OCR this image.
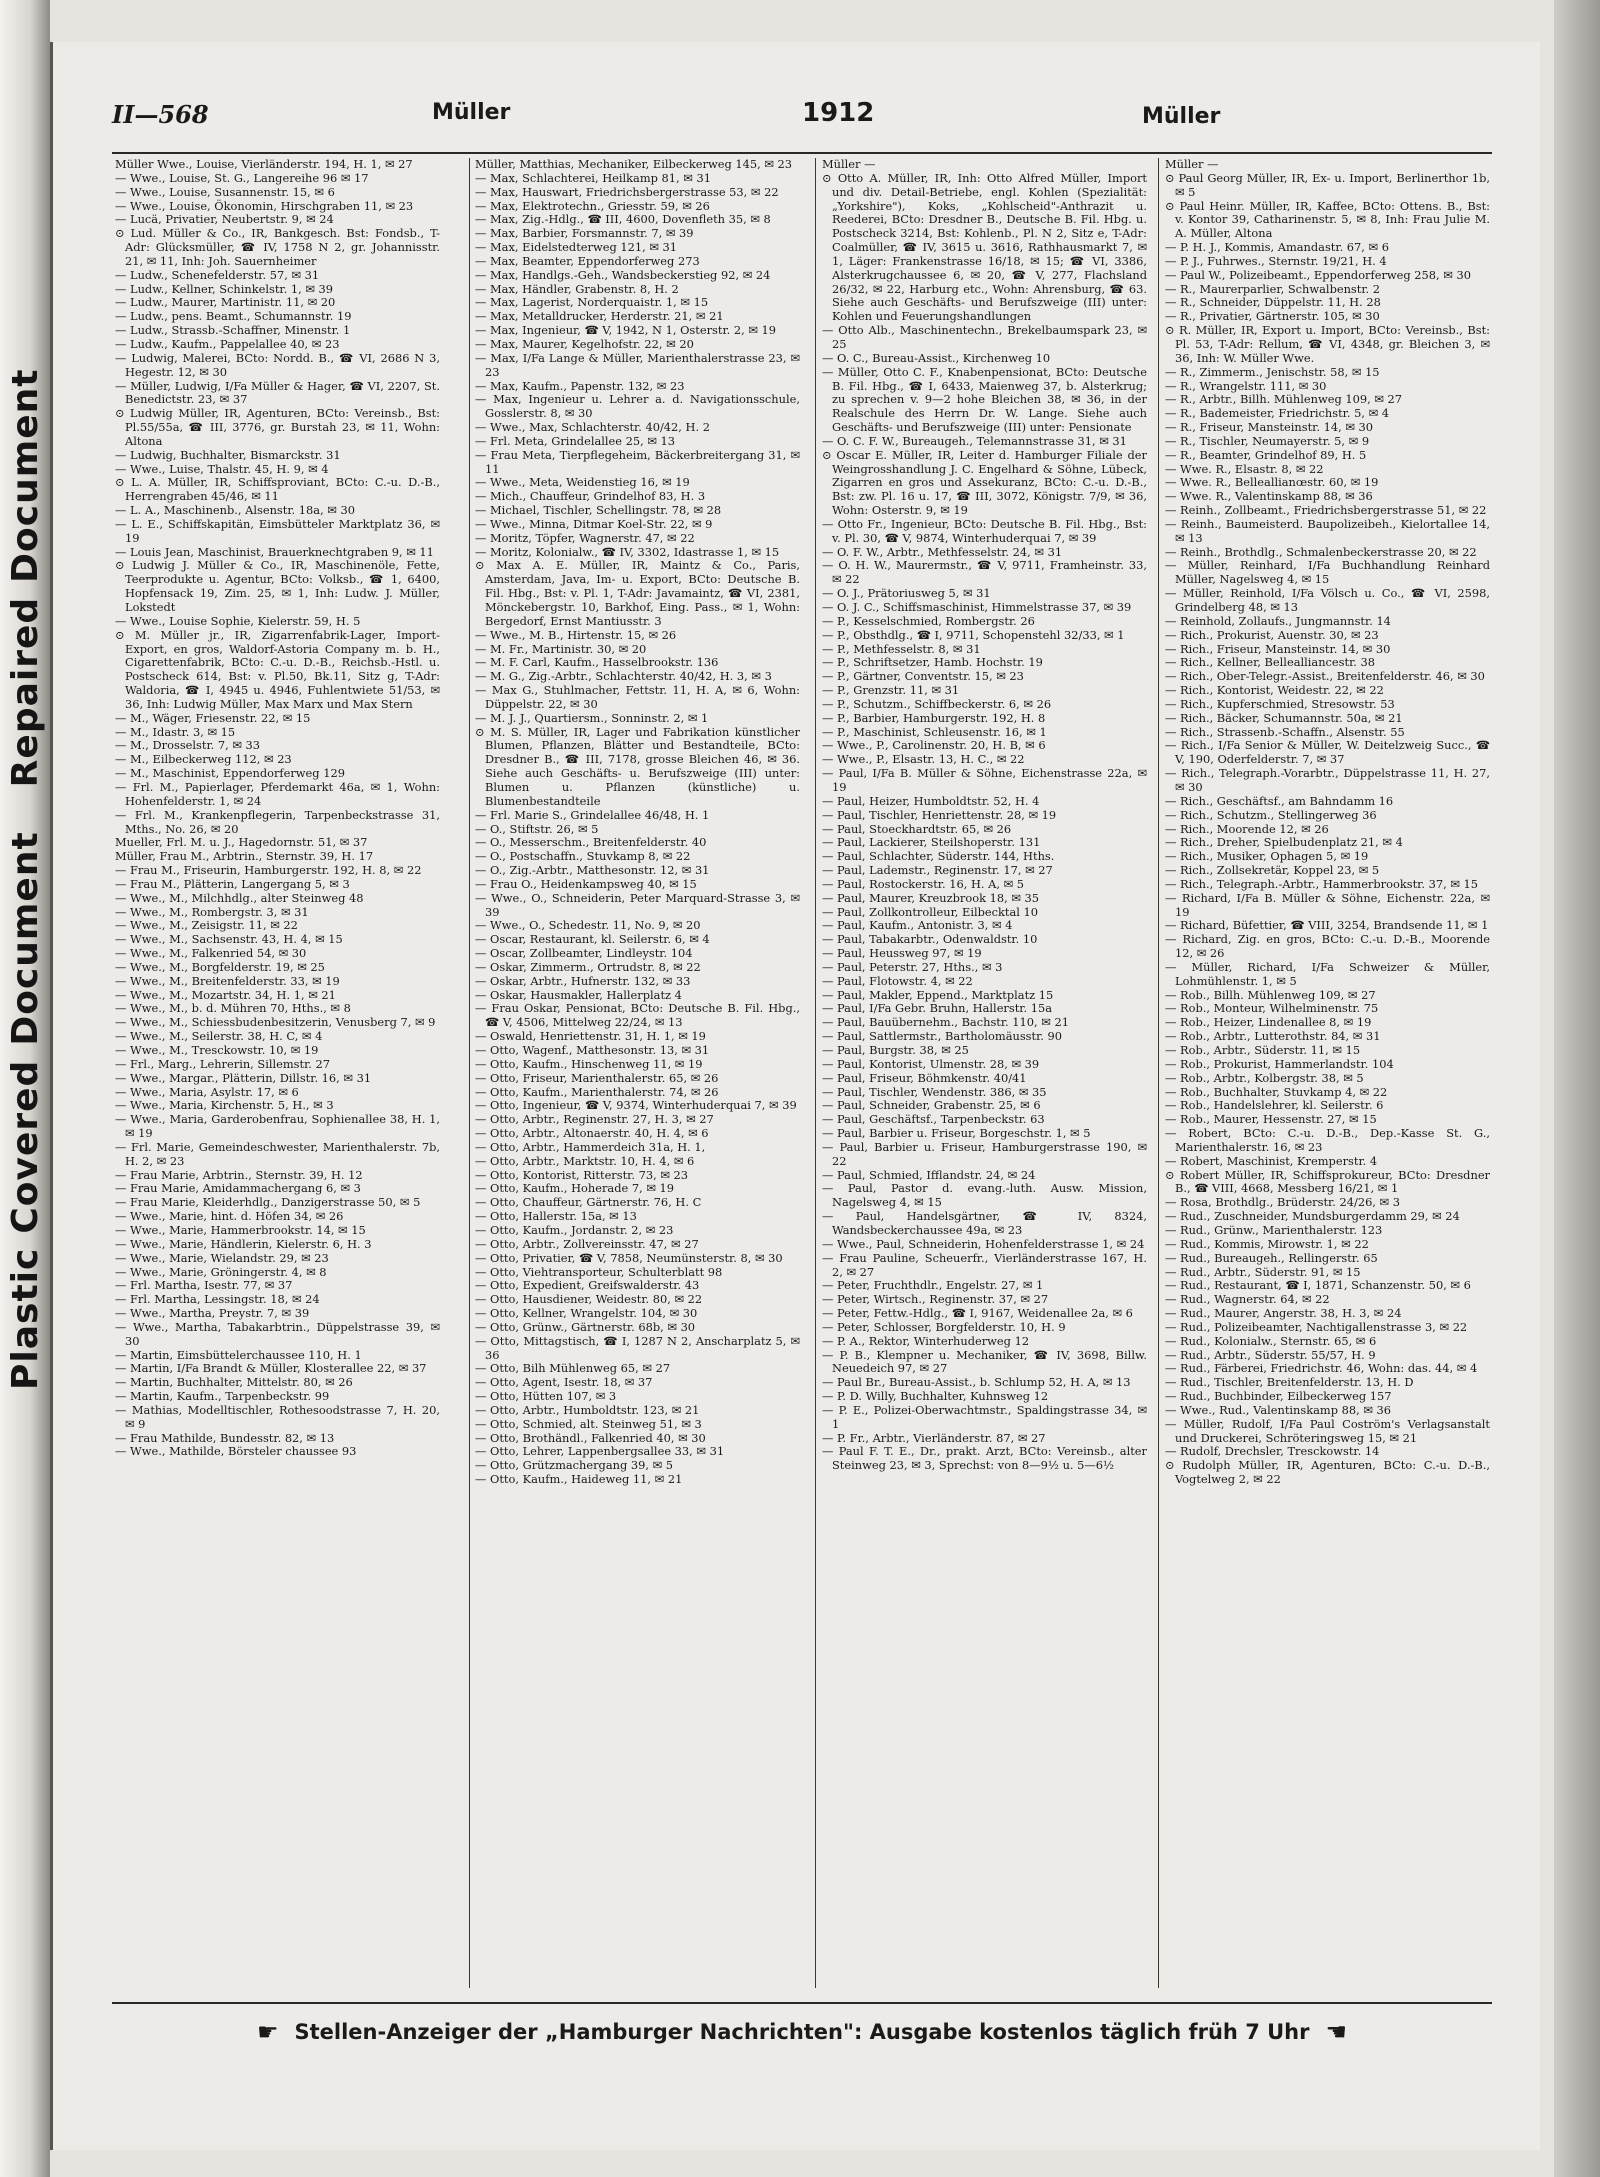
PlasticCoveredDocumentRepairedDocument
II—568	Müller	1912	Müller

Müller Wwe., Louise, Vierländerstr. 194, H. 1, ✉ 27

— Wwe., Louise, St. G., Langereihe 96 ✉ 17

— Wwe., Louise, Susannenstr. 15, ✉ 6

— Wwe., Louise, Ökonomin, Hirschgraben 11, ✉ 23

— Lucä, Privatier, Neubertstr. 9, ✉ 24

⊙ Lud. Müller & Co., IR, Bankgesch. Bst: Fondsb., T-Adr: Glücksmüller, ☎ IV, 1758 N 2, gr. Johannisstr. 21, ✉ 11, Inh: Joh. Sauernheimer

— Ludw., Schenefelderstr. 57, ✉ 31

— Ludw., Kellner, Schinkelstr. 1, ✉ 39

— Ludw., Maurer, Martinistr. 11, ✉ 20

— Ludw., pens. Beamt., Schumannstr. 19

— Ludw., Strassb.-Schaffner, Minenstr. 1

— Ludw., Kaufm., Pappelallee 40, ✉ 23

— Ludwig, Malerei, BCto: Nordd. B., ☎ VI, 2686 N 3, Hegestr. 12, ✉ 30

— Müller, Ludwig, I/Fa Müller & Hager, ☎ VI, 2207, St. Benedictstr. 23, ✉ 37

⊙ Ludwig Müller, IR, Agenturen, BCto: Vereinsb., Bst: Pl.55/55a, ☎ III, 3776, gr. Burstah 23, ✉ 11, Wohn: Altona

— Ludwig, Buchhalter, Bismarckstr. 31

— Wwe., Luise, Thalstr. 45, H. 9, ✉ 4

⊙ L. A. Müller, IR, Schiffsproviant, BCto: C.-u. D.-B., Herrengraben 45/46, ✉ 11

— L. A., Maschinenb., Alsenstr. 18a, ✉ 30

— L. E., Schiffskapitän, Eimsbütteler Marktplatz 36, ✉ 19

— Louis Jean, Maschinist, Brauerknechtgraben 9, ✉ 11

⊙ Ludwig J. Müller & Co., IR, Maschinenöle, Fette, Teerprodukte u. Agentur, BCto: Volksb., ☎ 1, 6400, Hopfensack 19, Zim. 25, ✉ 1, Inh: Ludw. J. Müller, Lokstedt

— Wwe., Louise Sophie, Kielerstr. 59, H. 5

⊙ M. Müller jr., IR, Zigarrenfabrik-Lager, Import-Export, en gros, Waldorf-Astoria Company m. b. H., Cigarettenfabrik, BCto: C.-u. D.-B., Reichsb.-Hstl. u. Postscheck 614, Bst: v. Pl.50, Bk.11, Sitz g, T-Adr: Waldoria, ☎ I, 4945 u. 4946, Fuhlentwiete 51/53, ✉ 36, Inh: Ludwig Müller, Max Marx und Max Stern

— M., Wäger, Friesenstr. 22, ✉ 15

— M., Idastr. 3, ✉ 15

— M., Drosselstr. 7, ✉ 33

— M., Eilbeckerweg 112, ✉ 23

— M., Maschinist, Eppendorferweg 129

— Frl. M., Papierlager, Pferdemarkt 46a, ✉ 1, Wohn: Hohenfelderstr. 1, ✉ 24

— Frl. M., Krankenpflegerin, Tarpenbeckstrasse 31, Mths., No. 26, ✉ 20

Mueller, Frl. M. u. J., Hagedornstr. 51, ✉ 37

Müller, Frau M., Arbtrin., Sternstr. 39, H. 17

— Frau M., Friseurin, Hamburgerstr. 192, H. 8, ✉ 22

— Frau M., Plätterin, Langergang 5, ✉ 3

— Wwe., M., Milchhdlg., alter Steinweg 48

— Wwe., M., Rombergstr. 3, ✉ 31

— Wwe., M., Zeisigstr. 11, ✉ 22

— Wwe., M., Sachsenstr. 43, H. 4, ✉ 15

— Wwe., M., Falkenried 54, ✉ 30

— Wwe., M., Borgfelderstr. 19, ✉ 25

— Wwe., M., Breitenfelderstr. 33, ✉ 19

— Wwe., M., Mozartstr. 34, H. 1, ✉ 21

— Wwe., M., b. d. Mühren 70, Hths., ✉ 8

— Wwe., M., Schiessbudenbesitzerin, Venusberg 7, ✉ 9

— Wwe., M., Seilerstr. 38, H. C, ✉ 4

— Wwe., M., Tresckowstr. 10, ✉ 19

— Frl., Marg., Lehrerin, Sillemstr. 27

— Wwe., Margar., Plätterin, Dillstr. 16, ✉ 31

— Wwe., Maria, Asylstr. 17, ✉ 6

— Wwe., Maria, Kirchenstr. 5, H., ✉ 3

— Wwe., Maria, Garderobenfrau, Sophienallee 38, H. 1, ✉ 19

— Frl. Marie, Gemeindeschwester, Marienthalerstr. 7b, H. 2, ✉ 23

— Frau Marie, Arbtrin., Sternstr. 39, H. 12

— Frau Marie, Amidammachergang 6, ✉ 3

— Frau Marie, Kleiderhdlg., Danzigerstrasse 50, ✉ 5

— Wwe., Marie, hint. d. Höfen 34, ✉ 26

— Wwe., Marie, Hammerbrookstr. 14, ✉ 15

— Wwe., Marie, Händlerin, Kielerstr. 6, H. 3

— Wwe., Marie, Wielandstr. 29, ✉ 23

— Wwe., Marie, Gröningerstr. 4, ✉ 8

— Frl. Martha, Isestr. 77, ✉ 37

— Frl. Martha, Lessingstr. 18, ✉ 24

— Wwe., Martha, Preystr. 7, ✉ 39

— Wwe., Martha, Tabakarbtrin., Düppelstrasse 39, ✉ 30

— Martin, Eimsbüttelerchaussee 110, H. 1

— Martin, I/Fa Brandt & Müller, Klosterallee 22, ✉ 37

— Martin, Buchhalter, Mittelstr. 80, ✉ 26

— Martin, Kaufm., Tarpenbeckstr. 99

— Mathias, Modelltischler, Rothesoodstrasse 7, H. 20, ✉ 9

— Frau Mathilde, Bundesstr. 82, ✉ 13

— Wwe., Mathilde, Börsteler chaussee 93

Müller, Matthias, Mechaniker, Eilbeckerweg 145, ✉ 23

— Max, Schlachterei, Heilkamp 81, ✉ 31

— Max, Hauswart, Friedrichsbergerstrasse 53, ✉ 22

— Max, Elektrotechn., Griesstr. 59, ✉ 26

— Max, Zig.-Hdlg., ☎ III, 4600, Dovenfleth 35, ✉ 8

— Max, Barbier, Forsmannstr. 7, ✉ 39

— Max, Eidelstedterweg 121, ✉ 31

— Max, Beamter, Eppendorferweg 273

— Max, Handlgs.-Geh., Wandsbeckerstieg 92, ✉ 24

— Max, Händler, Grabenstr. 8, H. 2

— Max, Lagerist, Norderquaistr. 1, ✉ 15

— Max, Metalldrucker, Herderstr. 21, ✉ 21

— Max, Ingenieur, ☎ V, 1942, N 1, Osterstr. 2, ✉ 19

— Max, Maurer, Kegelhofstr. 22, ✉ 20

— Max, I/Fa Lange & Müller, Marienthalerstrasse 23, ✉ 23

— Max, Kaufm., Papenstr. 132, ✉ 23

— Max, Ingenieur u. Lehrer a. d. Navigationsschule, Gosslerstr. 8, ✉ 30

— Wwe., Max, Schlachterstr. 40/42, H. 2

— Frl. Meta, Grindelallee 25, ✉ 13

— Frau Meta, Tierpflegeheim, Bäckerbreitergang 31, ✉ 11

— Wwe., Meta, Weidenstieg 16, ✉ 19

— Mich., Chauffeur, Grindelhof 83, H. 3

— Michael, Tischler, Schellingstr. 78, ✉ 28

— Wwe., Minna, Ditmar Koel-Str. 22, ✉ 9

— Moritz, Töpfer, Wagnerstr. 47, ✉ 22

— Moritz, Kolonialw., ☎ IV, 3302, Idastrasse 1, ✉ 15

⊙ Max A. E. Müller, IR, Maintz & Co., Paris, Amsterdam, Java, Im- u. Export, BCto: Deutsche B. Fil. Hbg., Bst: v. Pl. 1, T-Adr: Javamaintz, ☎ VI, 2381, Mönckebergstr. 10, Barkhof, Eing. Pass., ✉ 1, Wohn: Bergedorf, Ernst Mantiusstr. 3

— Wwe., M. B., Hirtenstr. 15, ✉ 26

— M. Fr., Martinistr. 30, ✉ 20

— M. F. Carl, Kaufm., Hasselbrookstr. 136

— M. G., Zig.-Arbtr., Schlachterstr. 40/42, H. 3, ✉ 3

— Max G., Stuhlmacher, Fettstr. 11, H. A, ✉ 6, Wohn: Düppelstr. 22, ✉ 30

— M. J. J., Quartiersm., Sonninstr. 2, ✉ 1

⊙ M. S. Müller, IR, Lager und Fabrikation künstlicher Blumen, Pflanzen, Blätter und Bestandteile, BCto: Dresdner B., ☎ III, 7178, grosse Bleichen 46, ✉ 36. Siehe auch Geschäfts- u. Berufszweige (III) unter: Blumen u. Pflanzen (künstliche) u. Blumenbestandteile

— Frl. Marie S., Grindelallee 46/48, H. 1

— O., Stiftstr. 26, ✉ 5

— O., Messerschm., Breitenfelderstr. 40

— O., Postschaffn., Stuvkamp 8, ✉ 22

— O., Zig.-Arbtr., Matthesonstr. 12, ✉ 31

— Frau O., Heidenkampsweg 40, ✉ 15

— Wwe., O., Schneiderin, Peter Marquard-Strasse 3, ✉ 39

— Wwe., O., Schedestr. 11, No. 9, ✉ 20

— Oscar, Restaurant, kl. Seilerstr. 6, ✉ 4

— Oscar, Zollbeamter, Lindleystr. 104

— Oskar, Zimmerm., Ortrudstr. 8, ✉ 22

— Oskar, Arbtr., Hufnerstr. 132, ✉ 33

— Oskar, Hausmakler, Hallerplatz 4

— Frau Oskar, Pensionat, BCto: Deutsche B. Fil. Hbg., ☎ V, 4506, Mittelweg 22/24, ✉ 13

— Oswald, Henriettenstr. 31, H. 1, ✉ 19

— Otto, Wagenf., Matthesonstr. 13, ✉ 31

— Otto, Kaufm., Hinschenweg 11, ✉ 19

— Otto, Friseur, Marienthalerstr. 65, ✉ 26

— Otto, Kaufm., Marienthalerstr. 74, ✉ 26

— Otto, Ingenieur, ☎ V, 9374, Winterhuderquai 7, ✉ 39

— Otto, Arbtr., Reginenstr. 27, H. 3, ✉ 27

— Otto, Arbtr., Altonaerstr. 40, H. 4, ✉ 6

— Otto, Arbtr., Hammerdeich 31a, H. 1,

— Otto, Arbtr., Marktstr. 10, H. 4, ✉ 6

— Otto, Kontorist, Ritterstr. 73, ✉ 23

— Otto, Kaufm., Hoherade 7, ✉ 19

— Otto, Chauffeur, Gärtnerstr. 76, H. C

— Otto, Hallerstr. 15a, ✉ 13

— Otto, Kaufm., Jordanstr. 2, ✉ 23

— Otto, Arbtr., Zollvereinsstr. 47, ✉ 27

— Otto, Privatier, ☎ V, 7858, Neumünsterstr. 8, ✉ 30

— Otto, Viehtransporteur, Schulterblatt 98

— Otto, Expedient, Greifswalderstr. 43

— Otto, Hausdiener, Weidestr. 80, ✉ 22

— Otto, Kellner, Wrangelstr. 104, ✉ 30

— Otto, Grünw., Gärtnerstr. 68b, ✉ 30

— Otto, Mittagstisch, ☎ I, 1287 N 2, Anscharplatz 5, ✉ 36

— Otto, Bilh Mühlenweg 65, ✉ 27

— Otto, Agent, Isestr. 18, ✉ 37

— Otto, Hütten 107, ✉ 3

— Otto, Arbtr., Humboldtstr. 123, ✉ 21

— Otto, Schmied, alt. Steinweg 51, ✉ 3

— Otto, Brothändl., Falkenried 40, ✉ 30

— Otto, Lehrer, Lappenbergsallee 33, ✉ 31

— Otto, Grützmachergang 39, ✉ 5

— Otto, Kaufm., Haideweg 11, ✉ 21

Müller —

⊙ Otto A. Müller, IR, Inh: Otto Alfred Müller, Import und div. Detail-Betriebe, engl. Kohlen (Spezialität: „Yorkshire"), Koks, „Kohlscheid"-Anthrazit u. Reederei, BCto: Dresdner B., Deutsche B. Fil. Hbg. u. Postscheck 3214, Bst: Kohlenb., Pl. N 2, Sitz e, T-Adr: Coalmüller, ☎ IV, 3615 u. 3616, Rathhausmarkt 7, ✉ 1, Läger: Frankenstrasse 16/18, ✉ 15; ☎ VI, 3386, Alsterkrugchaussee 6, ✉ 20, ☎ V, 277, Flachsland 26/32, ✉ 22, Harburg etc., Wohn: Ahrensburg, ☎ 63. Siehe auch Geschäfts- und Berufszweige (III) unter: Kohlen und Feuerungshandlungen

— Otto Alb., Maschinentechn., Brekelbaumspark 23, ✉ 25

— O. C., Bureau-Assist., Kirchenweg 10

— Müller, Otto C. F., Knabenpensionat, BCto: Deutsche B. Fil. Hbg., ☎ I, 6433, Maienweg 37, b. Alsterkrug; zu sprechen v. 9—2 hohe Bleichen 38, ✉ 36, in der Realschule des Herrn Dr. W. Lange. Siehe auch Geschäfts- und Berufszweige (III) unter: Pensionate

— O. C. F. W., Bureaugeh., Telemannstrasse 31, ✉ 31

⊙ Oscar E. Müller, IR, Leiter d. Hamburger Filiale der Weingrosshandlung J. C. Engelhard & Söhne, Lübeck, Zigarren en gros und Assekuranz, BCto: C.-u. D.-B., Bst: zw. Pl. 16 u. 17, ☎ III, 3072, Königstr. 7/9, ✉ 36, Wohn: Osterstr. 9, ✉ 19

— Otto Fr., Ingenieur, BCto: Deutsche B. Fil. Hbg., Bst: v. Pl. 30, ☎ V, 9874, Winterhuderquai 7, ✉ 39

— O. F. W., Arbtr., Methfesselstr. 24, ✉ 31

— O. H. W., Maurermstr., ☎ V, 9711, Framheinstr. 33, ✉ 22

— O. J., Prätoriusweg 5, ✉ 31

— O. J. C., Schiffsmaschinist, Himmelstrasse 37, ✉ 39

— P., Kesselschmied, Rombergstr. 26

— P., Obsthdlg., ☎ I, 9711, Schopenstehl 32/33, ✉ 1

— P., Methfesselstr. 8, ✉ 31

— P., Schriftsetzer, Hamb. Hochstr. 19

— P., Gärtner, Conventstr. 15, ✉ 23

— P., Grenzstr. 11, ✉ 31

— P., Schutzm., Schiffbeckerstr. 6, ✉ 26

— P., Barbier, Hamburgerstr. 192, H. 8

— P., Maschinist, Schleusenstr. 16, ✉ 1

— Wwe., P., Carolinenstr. 20, H. B, ✉ 6

— Wwe., P., Elsastr. 13, H. C., ✉ 22

— Paul, I/Fa B. Müller & Söhne, Eichenstrasse 22a, ✉ 19

— Paul, Heizer, Humboldtstr. 52, H. 4

— Paul, Tischler, Henriettenstr. 28, ✉ 19

— Paul, Stoeckhardtstr. 65, ✉ 26

— Paul, Lackierer, Steilshoperstr. 131

— Paul, Schlachter, Süderstr. 144, Hths.

— Paul, Lademstr., Reginenstr. 17, ✉ 27

— Paul, Rostockerstr. 16, H. A, ✉ 5

— Paul, Maurer, Kreuzbrook 18, ✉ 35

— Paul, Zollkontrolleur, Eilbecktal 10

— Paul, Kaufm., Antonistr. 3, ✉ 4

— Paul, Tabakarbtr., Odenwaldstr. 10

— Paul, Heussweg 97, ✉ 19

— Paul, Peterstr. 27, Hths., ✉ 3

— Paul, Flotowstr. 4, ✉ 22

— Paul, Makler, Eppend., Marktplatz 15

— Paul, I/Fa Gebr. Bruhn, Hallerstr. 15a

— Paul, Bauübernehm., Bachstr. 110, ✉ 21

— Paul, Sattlermstr., Bartholomäusstr. 90

— Paul, Burgstr. 38, ✉ 25

— Paul, Kontorist, Ulmenstr. 28, ✉ 39

— Paul, Friseur, Böhmkenstr. 40/41

— Paul, Tischler, Wendenstr. 386, ✉ 35

— Paul, Schneider, Grabenstr. 25, ✉ 6

— Paul, Geschäftsf., Tarpenbeckstr. 63

— Paul, Barbier u. Friseur, Borgeschstr. 1, ✉ 5

— Paul, Barbier u. Friseur, Hamburgerstrasse 190, ✉ 22

— Paul, Schmied, Ifflandstr. 24, ✉ 24

— Paul, Pastor d. evang.-luth. Ausw. Mission, Nagelsweg 4, ✉ 15

— Paul, Handelsgärtner, ☎ IV, 8324, Wandsbeckerchaussee 49a, ✉ 23

— Wwe., Paul, Schneiderin, Hohenfelderstrasse 1, ✉ 24

— Frau Pauline, Scheuerfr., Vierländerstrasse 167, H. 2, ✉ 27

— Peter, Fruchthdlr., Engelstr. 27, ✉ 1

— Peter, Wirtsch., Reginenstr. 37, ✉ 27

— Peter, Fettw.-Hdlg., ☎ I, 9167, Weidenallee 2a, ✉ 6

— Peter, Schlosser, Borgfelderstr. 10, H. 9

— P. A., Rektor, Winterhuderweg 12

— P. B., Klempner u. Mechaniker, ☎ IV, 3698, Billw. Neuedeich 97, ✉ 27

— Paul Br., Bureau-Assist., b. Schlump 52, H. A, ✉ 13

— P. D. Willy, Buchhalter, Kuhnsweg 12

— P. E., Polizei-Oberwachtmstr., Spaldingstrasse 34, ✉ 1

— P. Fr., Arbtr., Vierländerstr. 87, ✉ 27

— Paul F. T. E., Dr., prakt. Arzt, BCto: Vereinsb., alter Steinweg 23, ✉ 3, Sprechst: von 8—9½ u. 5—6½

Müller —

⊙ Paul Georg Müller, IR, Ex- u. Import, Berlinerthor 1b, ✉ 5

⊙ Paul Heinr. Müller, IR, Kaffee, BCto: Ottens. B., Bst: v. Kontor 39, Catharinenstr. 5, ✉ 8, Inh: Frau Julie M. A. Müller, Altona

— P. H. J., Kommis, Amandastr. 67, ✉ 6

— P. J., Fuhrwes., Sternstr. 19/21, H. 4

— Paul W., Polizeibeamt., Eppendorferweg 258, ✉ 30

— R., Maurerparlier, Schwalbenstr. 2

— R., Schneider, Düppelstr. 11, H. 28

— R., Privatier, Gärtnerstr. 105, ✉ 30

⊙ R. Müller, IR, Export u. Import, BCto: Vereinsb., Bst: Pl. 53, T-Adr: Rellum, ☎ VI, 4348, gr. Bleichen 3, ✉ 36, Inh: W. Müller Wwe.

— R., Zimmerm., Jenischstr. 58, ✉ 15

— R., Wrangelstr. 111, ✉ 30

— R., Arbtr., Billh. Mühlenweg 109, ✉ 27

— R., Bademeister, Friedrichstr. 5, ✉ 4

— R., Friseur, Mansteinstr. 14, ✉ 30

— R., Tischler, Neumayerstr. 5, ✉ 9

— R., Beamter, Grindelhof 89, H. 5

— Wwe. R., Elsastr. 8, ✉ 22

— Wwe. R., Belleallianœstr. 60, ✉ 19

— Wwe. R., Valentinskamp 88, ✉ 36

— Reinh., Zollbeamt., Friedrichsbergerstrasse 51, ✉ 22

— Reinh., Baumeisterd. Baupolizeibeh., Kielortallee 14, ✉ 13

— Reinh., Brothdlg., Schmalenbeckerstrasse 20, ✉ 22

— Müller, Reinhard, I/Fa Buchhandlung Reinhard Müller, Nagelsweg 4, ✉ 15

— Müller, Reinhold, I/Fa Völsch u. Co., ☎ VI, 2598, Grindelberg 48, ✉ 13

— Reinhold, Zollaufs., Jungmannstr. 14

— Rich., Prokurist, Auenstr. 30, ✉ 23

— Rich., Friseur, Mansteinstr. 14, ✉ 30

— Rich., Kellner, Bellealliancestr. 38

— Rich., Ober-Telegr.-Assist., Breitenfelderstr. 46, ✉ 30

— Rich., Kontorist, Weidestr. 22, ✉ 22

— Rich., Kupferschmied, Stresowstr. 53

— Rich., Bäcker, Schumannstr. 50a, ✉ 21

— Rich., Strassenb.-Schaffn., Alsenstr. 55

— Rich., I/Fa Senior & Müller, W. Deitelzweig Succ., ☎ V, 190, Oderfelderstr. 7, ✉ 37

— Rich., Telegraph.-Vorarbtr., Düppelstrasse 11, H. 27, ✉ 30

— Rich., Geschäftsf., am Bahndamm 16

— Rich., Schutzm., Stellingerweg 36

— Rich., Moorende 12, ✉ 26

— Rich., Dreher, Spielbudenplatz 21, ✉ 4

— Rich., Musiker, Ophagen 5, ✉ 19

— Rich., Zollsekretär, Koppel 23, ✉ 5

— Rich., Telegraph.-Arbtr., Hammerbrookstr. 37, ✉ 15

— Richard, I/Fa B. Müller & Söhne, Eichenstr. 22a, ✉ 19

— Richard, Büfettier, ☎ VIII, 3254, Brandsende 11, ✉ 1

— Richard, Zig. en gros, BCto: C.-u. D.-B., Moorende 12, ✉ 26

— Müller, Richard, I/Fa Schweizer & Müller, Lohmühlenstr. 1, ✉ 5

— Rob., Billh. Mühlenweg 109, ✉ 27

— Rob., Monteur, Wilhelminenstr. 75

— Rob., Heizer, Lindenallee 8, ✉ 19

— Rob., Arbtr., Lutterothstr. 84, ✉ 31

— Rob., Arbtr., Süderstr. 11, ✉ 15

— Rob., Prokurist, Hammerlandstr. 104

— Rob., Arbtr., Kolbergstr. 38, ✉ 5

— Rob., Buchhalter, Stuvkamp 4, ✉ 22

— Rob., Handelslehrer, kl. Seilerstr. 6

— Rob., Maurer, Hessenstr. 27, ✉ 15

— Robert, BCto: C.-u. D.-B., Dep.-Kasse St. G., Marienthalerstr. 16, ✉ 23

— Robert, Maschinist, Kremperstr. 4

⊙ Robert Müller, IR, Schiffsprokureur, BCto: Dresdner B., ☎ VIII, 4668, Messberg 16/21, ✉ 1

— Rosa, Brothdlg., Brüderstr. 24/26, ✉ 3

— Rud., Zuschneider, Mundsburgerdamm 29, ✉ 24

— Rud., Grünw., Marienthalerstr. 123

— Rud., Kommis, Mirowstr. 1, ✉ 22

— Rud., Bureaugeh., Rellingerstr. 65

— Rud., Arbtr., Süderstr. 91, ✉ 15

— Rud., Restaurant, ☎ I, 1871, Schanzenstr. 50, ✉ 6

— Rud., Wagnerstr. 64, ✉ 22

— Rud., Maurer, Angerstr. 38, H. 3, ✉ 24

— Rud., Polizeibeamter, Nachtigallenstrasse 3, ✉ 22

— Rud., Kolonialw., Sternstr. 65, ✉ 6

— Rud., Arbtr., Süderstr. 55/57, H. 9

— Rud., Färberei, Friedrichstr. 46, Wohn: das. 44, ✉ 4

— Rud., Tischler, Breitenfelderstr. 13, H. D

— Rud., Buchbinder, Eilbeckerweg 157

— Wwe., Rud., Valentinskamp 88, ✉ 36

— Müller, Rudolf, I/Fa Paul Coström's Verlagsanstalt und Druckerei, Schröteringsweg 15, ✉ 21

— Rudolf, Drechsler, Tresckowstr. 14

⊙ Rudolph Müller, IR, Agenturen, BCto: C.-u. D.-B., Vogtelweg 2, ✉ 22

☛ Stellen-Anzeiger der „Hamburger Nachrichten": Ausgabe kostenlos täglich früh 7 Uhr ☚
